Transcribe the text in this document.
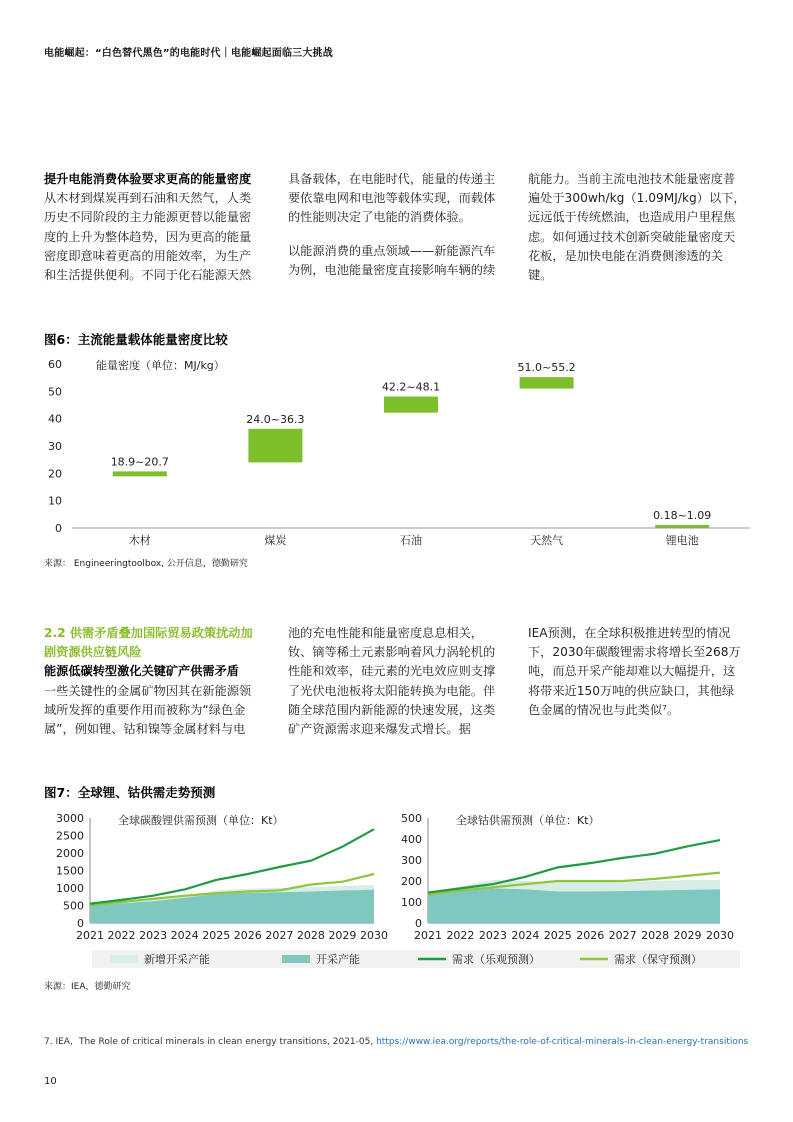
电能崛起：“白色替代黑色”的电能时代｜电能崛起面临三大挑战

提升电能消费体验要求更高的能量密度

从木材到煤炭再到石油和天然气，人类历史不同阶段的主力能源更替以能量密度的上升为整体趋势，因为更高的能量密度即意味着更高的用能效率，为生产和生活提供便利。不同于化石能源天然

具备载体，在电能时代，能量的传递主要依靠电网和电池等载体实现，而载体的性能则决定了电能的消费体验。

以能源消费的重点领域——新能源汽车为例，电池能量密度直接影响车辆的续

航能力。当前主流电池技术能量密度普遍处于300wh/kg（1.09MJ/kg）以下，远远低于传统燃油，也造成用户里程焦虑。如何通过技术创新突破能量密度天花板，是加快电能在消费侧渗透的关键。

图6：主流能量载体能量密度比较
0
10
20
30
40
50
60
18.9~20.7
24.0~36.3
42.2~48.1
51.0~55.2
0.18~1.09
木材	煤炭	石油	天然气	锂电池
能量密度（单位：MJ/kg）
来源： Engineeringtoolbox, 公开信息，德勤研究

2.2 供需矛盾叠加国际贸易政策扰动加剧资源供应链风险

能源低碳转型激化关键矿产供需矛盾

一些关键性的金属矿物因其在新能源领域所发挥的重要作用而被称为“绿色金属”，例如锂、钴和镍等金属材料与电

池的充电性能和能量密度息息相关，钕、镝等稀土元素影响着风力涡轮机的性能和效率，硅元素的光电效应则支撑了光伏电池板将太阳能转换为电能。伴随全球范围内新能源的快速发展，这类矿产资源需求迎来爆发式增长。据

IEA预测，在全球积极推进转型的情况下，2030年碳酸锂需求将增长至268万吨，而总开采产能却难以大幅提升，这将带来近150万吨的供应缺口，其他绿色金属的情况也与此类似⁷。

图7：全球锂、钴供需走势预测
0
500
1000
1500
2000
2500
3000
2021 2022 2023 2024 2025 2026 2027 2028 2029 2030
全球碳酸锂供需预测（单位：Kt）
0
100
200
300
400
500
2021 2022 2023 2024 2025 2026 2027 2028 2029 2030
全球钴供需预测（单位：Kt）
新增开采产能	开采产能	需求（乐观预测）	需求（保守预测）
来源：IEA，德勤研究
7. IEA，The Role of critical minerals in clean energy transitions, 2021-05, https://www.iea.org/reports/the-role-of-critical-minerals-in-clean-energy-transitions
10
